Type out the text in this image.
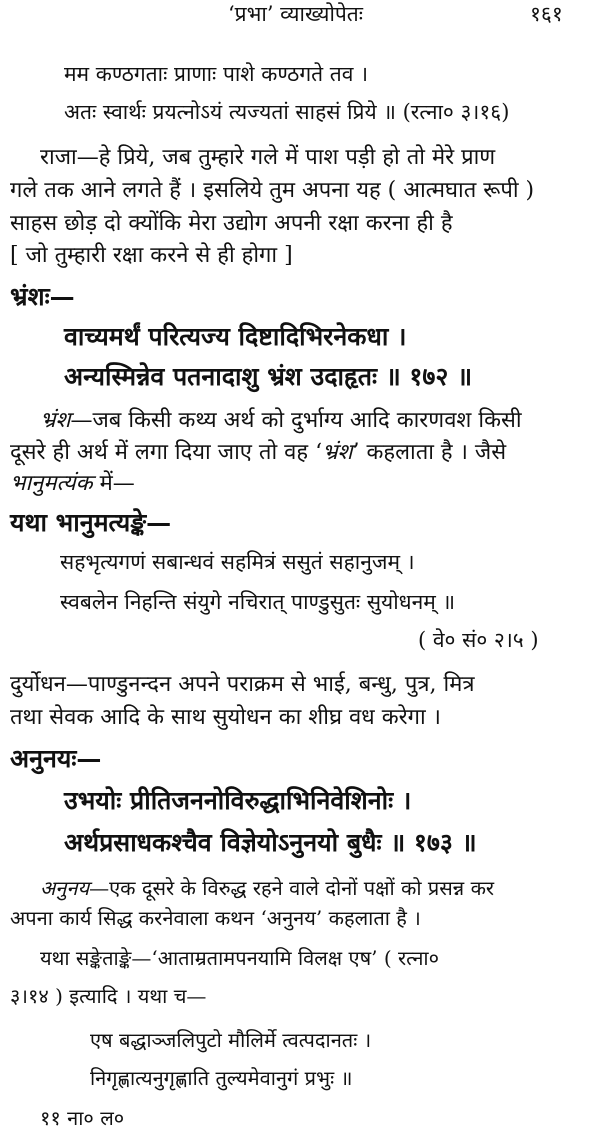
‘प्रभा’ व्याख्योपेतः	१६१
मम कण्ठगताः प्राणाः पाशे कण्ठगते तव ।
अतः स्वार्थः प्रयत्नोऽयं त्यज्यतां साहसं प्रिये ॥ (रत्ना० ३।१६)
राजा—हे प्रिये, जब तुम्हारे गले में पाश पड़ी हो तो मेरे प्राण
गले तक आने लगते हैं । इसलिये तुम अपना यह ( आत्मघात रूपी )
साहस छोड़ दो क्योंकि मेरा उद्योग अपनी रक्षा करना ही है
[ जो तुम्हारी रक्षा करने से ही होगा ]
भ्रंशः—
वाच्यमर्थं परित्यज्य दिष्टादिभिरनेकधा ।
अन्यस्मिन्नेव पतनादाशु भ्रंश उदाहृतः ॥ १७२ ॥
भ्रंश—जब किसी कथ्य अर्थ को दुर्भाग्य आदि कारणवश किसी
दूसरे ही अर्थ में लगा दिया जाए तो वह ‘भ्रंश’ कहलाता है । जैसे
भानुमत्यंक में—
यथा भानुमत्यङ्के—
सहभृत्यगणं सबान्धवं सहमित्रं ससुतं सहानुजम् ।
स्वबलेन निहन्ति संयुगे नचिरात् पाण्डुसुतः सुयोधनम् ॥
( वे० सं० २।५ )
दुर्योधन—पाण्डुनन्दन अपने पराक्रम से भाई, बन्धु, पुत्र, मित्र
तथा सेवक आदि के साथ सुयोधन का शीघ्र वध करेगा ।
अनुनयः—
उभयोः प्रीतिजननोविरुद्धाभिनिवेशिनोः ।
अर्थप्रसाधकश्चैव विज्ञेयोऽनुनयो बुधैः ॥ १७३ ॥
अनुनय—एक दूसरे के विरुद्ध रहने वाले दोनों पक्षों को प्रसन्न कर
अपना कार्य सिद्ध करनेवाला कथन ‘अनुनय’ कहलाता है ।
यथा सङ्केताङ्के—‘आताम्रतामपनयामि विलक्ष एष’ ( रत्ना०
३।१४ ) इत्यादि । यथा च—
एष बद्धाञ्जलिपुटो मौलिर्मे त्वत्पदानतः ।
निगृह्णात्यनुगृह्णाति तुल्यमेवानुगं प्रभुः ॥
११ ना० ल०
